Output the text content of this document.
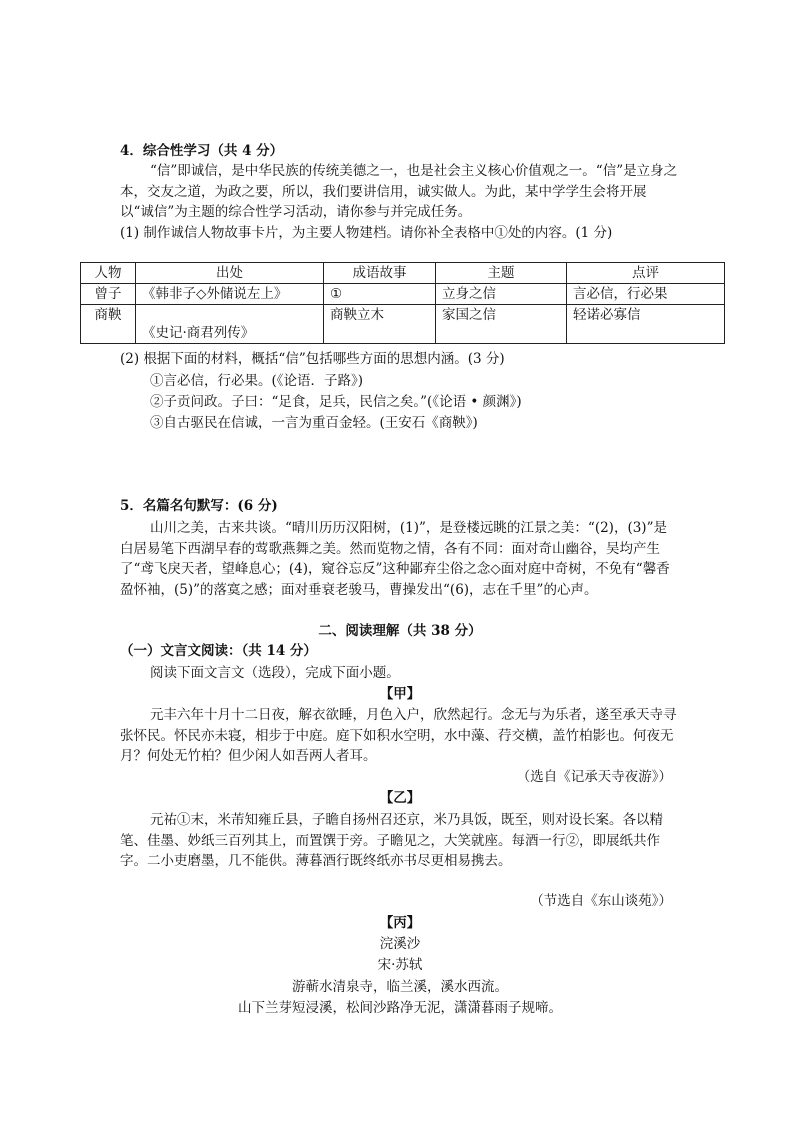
4．综合性学习（共 4 分）
“信”即诚信，是中华民族的传统美德之一，也是社会主义核心价值观之一。“信”是立身之本，交友之道，为政之要，所以，我们要讲信用，诚实做人。为此，某中学学生会将开展以“诚信”为主题的综合性学习活动，请你参与并完成任务。
(1) 制作诚信人物故事卡片，为主要人物建档。请你补全表格中①处的内容。(1 分)
人物	出处	成语故事	主题	点评
曾子	《韩非子◇外储说左上》	①	立身之信	言必信，行必果
商鞅	《史记·商君列传》	商鞅立木	家国之信	轻诺必寡信
(2) 根据下面的材料，概括“信”包括哪些方面的思想内涵。(3 分)
①言必信，行必果。(《论语．子路》)
②子贡问政。子曰：“足食，足兵，民信之矣。”(《论语 • 颜渊》)
③自古驱民在信诚，一言为重百金轻。(王安石《商鞅》)
5．名篇名句默写：(6 分)
山川之美，古来共谈。“晴川历历汉阳树，(1)”，是登楼远眺的江景之美：“(2)，(3)”是白居易笔下西湖早春的莺歌燕舞之美。然而览物之情，各有不同：面对奇山幽谷，吴均产生了“鸢飞戾天者，望峰息心；(4)，窥谷忘反”这种鄙弃尘俗之念◇面对庭中奇树，不免有“馨香盈怀袖，(5)”的落寞之感；面对垂衰老骏马，曹操发出“(6)，志在千里”的心声。
二、阅读理解（共 38 分）
（一）文言文阅读：（共 14 分）
阅读下面文言文（选段），完成下面小题。
【甲】
元丰六年十月十二日夜，解衣欲睡，月色入户，欣然起行。念无与为乐者，遂至承天寺寻张怀民。怀民亦未寝，相步于中庭。庭下如积水空明，水中藻、荇交横，盖竹柏影也。何夜无月？何处无竹柏？但少闲人如吾两人者耳。
（选自《记承天寺夜游》）
【乙】
元祐①末，米芾知雍丘县，子瞻自扬州召还京，米乃具饭，既至，则对设长案。各以精笔、佳墨、妙纸三百列其上，而置馔于旁。子瞻见之，大笑就座。每酒一行②，即展纸共作字。二小吏磨墨，几不能供。薄暮酒行既终纸亦书尽更相易携去。
（节选自《东山谈苑》）
【丙】
浣溪沙
宋·苏轼
游蕲水清泉寺，临兰溪，溪水西流。
山下兰芽短浸溪，松间沙路净无泥，潇潇暮雨子规啼。
